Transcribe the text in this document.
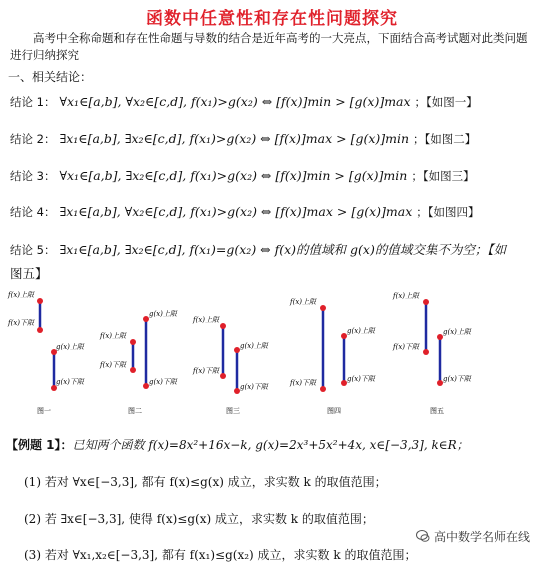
函数中任意性和存在性问题探究
高考中全称命题和存在性命题与导数的结合是近年高考的一大亮点，下面结合高考试题对此类问题进行归纳探究
一、相关结论：
结论 1： ∀x₁∈[a,b], ∀x₂∈[c,d], f(x₁)>g(x₂) ⇔ [f(x)]min > [g(x)]max ；【如图一】
结论 2： ∃x₁∈[a,b], ∃x₂∈[c,d], f(x₁)>g(x₂) ⇔ [f(x)]max > [g(x)]min ；【如图二】
结论 3： ∀x₁∈[a,b], ∃x₂∈[c,d], f(x₁)>g(x₂) ⇔ [f(x)]min > [g(x)]min ；【如图三】
结论 4： ∃x₁∈[a,b], ∀x₂∈[c,d], f(x₁)>g(x₂) ⇔ [f(x)]max > [g(x)]max ；【如图四】
结论 5： ∃x₁∈[a,b], ∃x₂∈[c,d], f(x₁)=g(x₂) ⇔ f(x)的值域和 g(x)的值域交集不为空；【如
图五】
f(x)上限
f(x)下限
g(x)上限
g(x)下限
图一
f(x)上限
f(x)下限
g(x)上限
g(x)下限
图二
f(x)上限
f(x)下限
g(x)上限
g(x)下限
图三
f(x)上限
f(x)下限
g(x)上限
g(x)下限
图四
f(x)上限
f(x)下限
g(x)上限
g(x)下限
图五
【例题 1】：已知两个函数 f(x)=8x²+16x−k, g(x)=2x³+5x²+4x, x∈[−3,3], k∈R；
(1) 若对 ∀x∈[−3,3], 都有 f(x)≤g(x) 成立，求实数 k 的取值范围；
(2) 若 ∃x∈[−3,3], 使得 f(x)≤g(x) 成立，求实数 k 的取值范围；
(3) 若对 ∀x₁,x₂∈[−3,3], 都有 f(x₁)≤g(x₂) 成立，求实数 k 的取值范围；
高中数学名师在线
